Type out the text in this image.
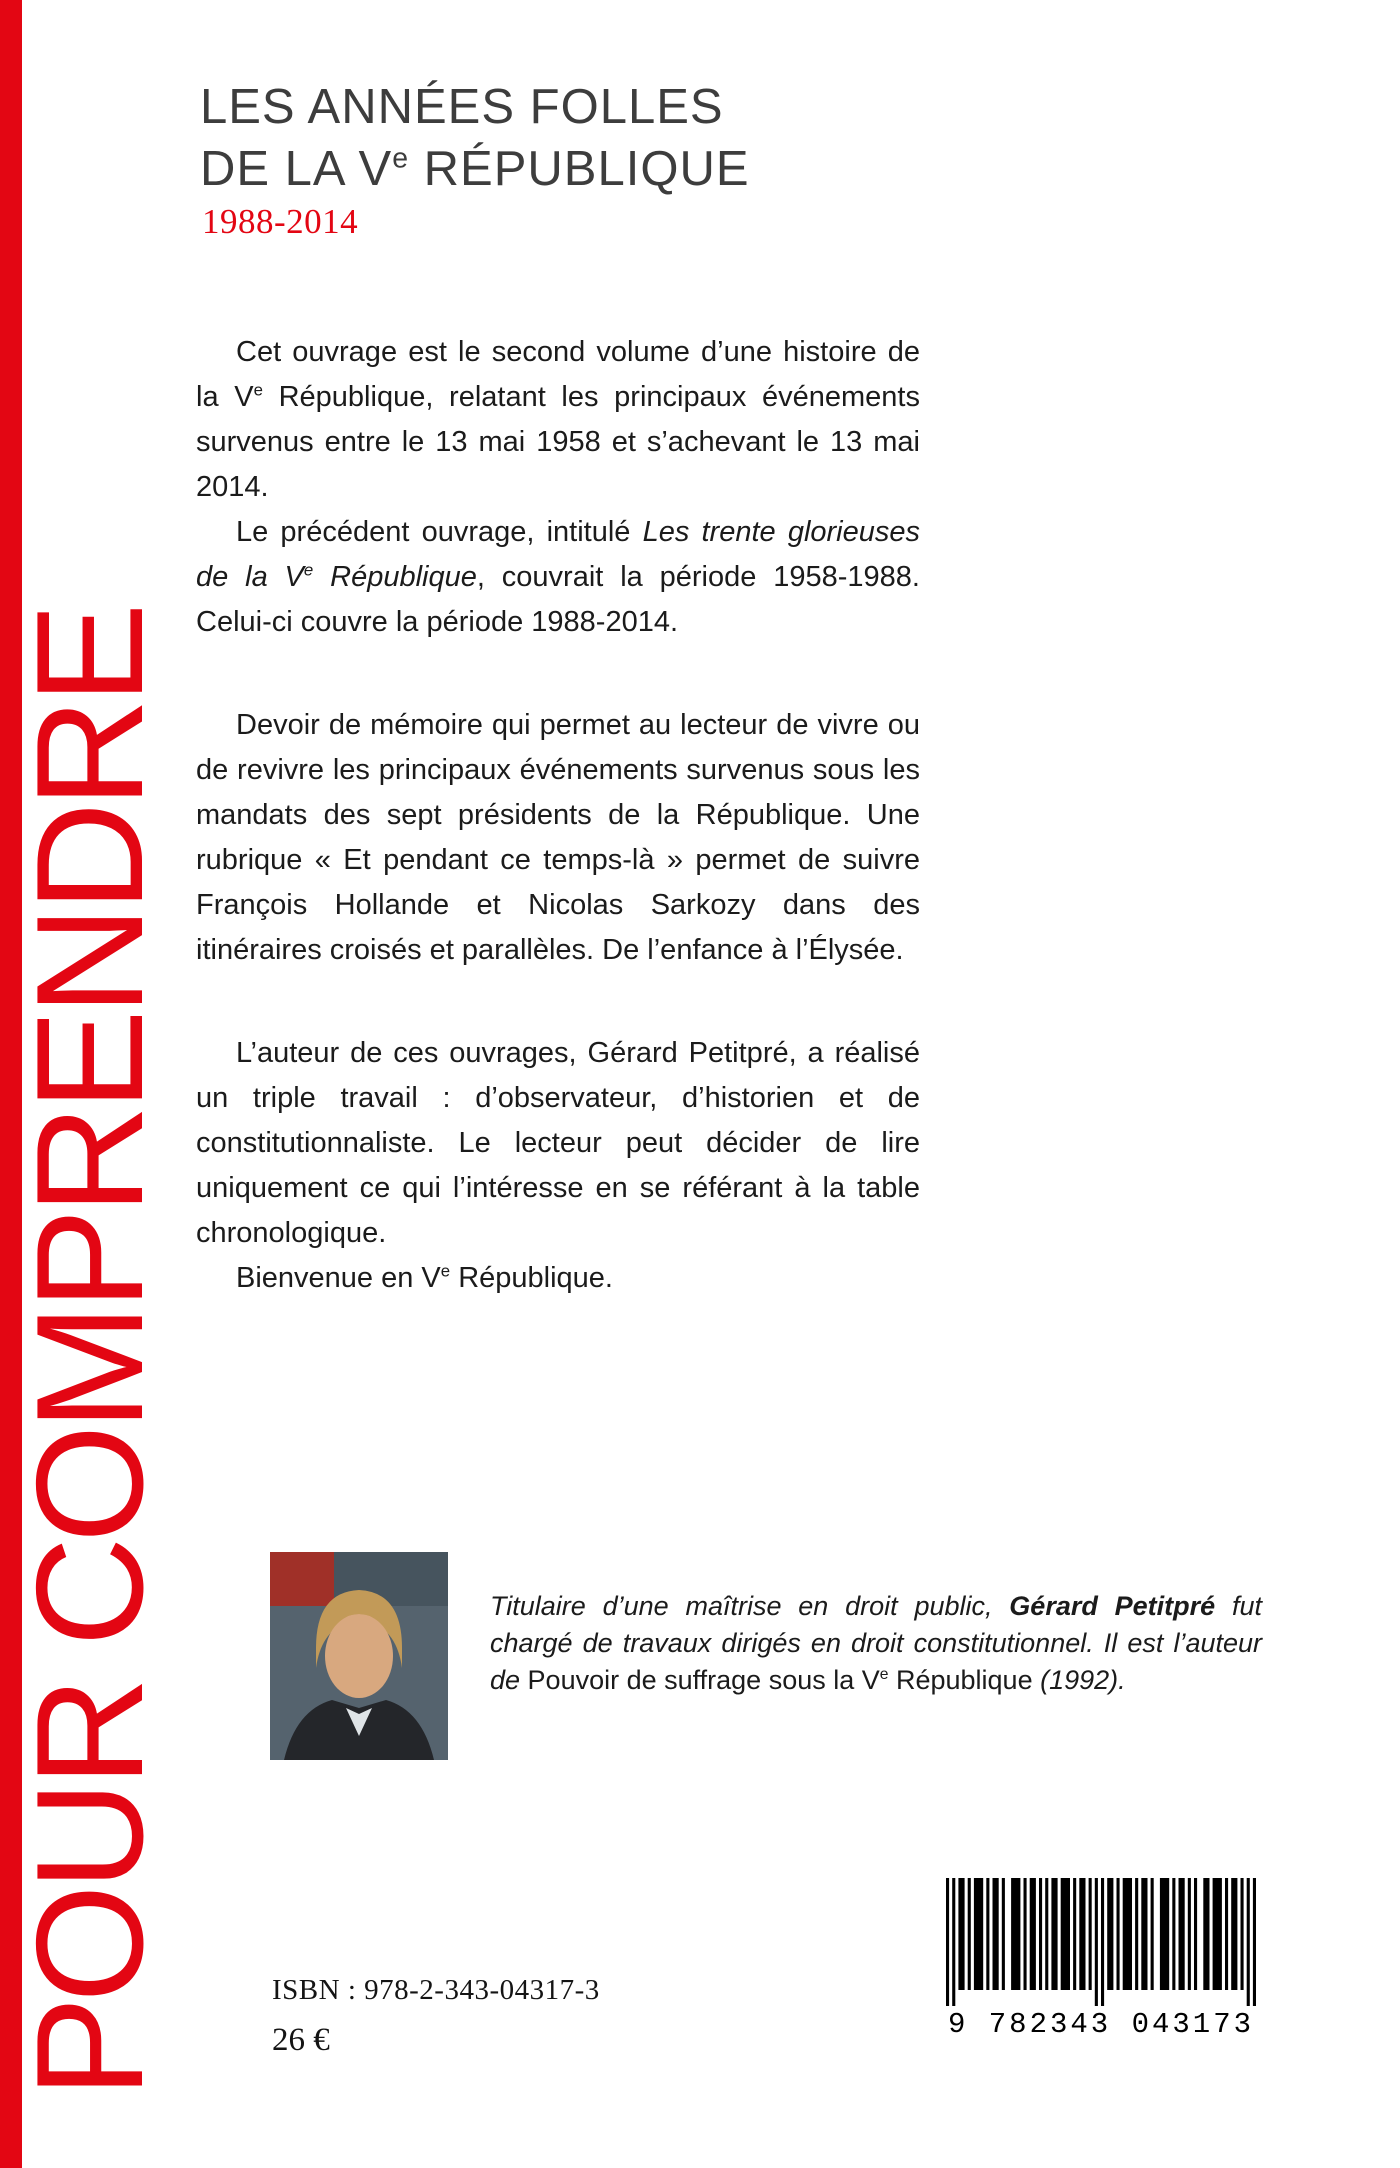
POUR COMPRENDRE
LES ANNÉES FOLLES
DE LA Ve RÉPUBLIQUE
1988-2014

Cet ouvrage est le second volume d’une histoire de la Ve République, relatant les principaux événements survenus entre le 13 mai 1958 et s’achevant le 13 mai 2014.

Le précédent ouvrage, intitulé Les trente glorieuses de la Ve République, couvrait la période 1958-1988. Celui-ci couvre la période 1988-2014.

Devoir de mémoire qui permet au lecteur de vivre ou de revivre les principaux événements survenus sous les mandats des sept présidents de la République. Une rubrique « Et pendant ce temps-là » permet de suivre François Hollande et Nicolas Sarkozy dans des itinéraires croisés et parallèles. De l’enfance à l’Élysée.

L’auteur de ces ouvrages, Gérard Petitpré, a réalisé un triple travail : d’observateur, d’historien et de constitutionnaliste. Le lecteur peut décider de lire uniquement ce qui l’intéresse en se référant à la table chronologique.

Bienvenue en Ve République.

Titulaire d’une maîtrise en droit public, Gérard Petitpré fut chargé de travaux dirigés en droit constitutionnel. Il est l’auteur de Pouvoir de suffrage sous la Ve République (1992).
ISBN : 978-2-343-04317-3
26 €	9 782343 043173
